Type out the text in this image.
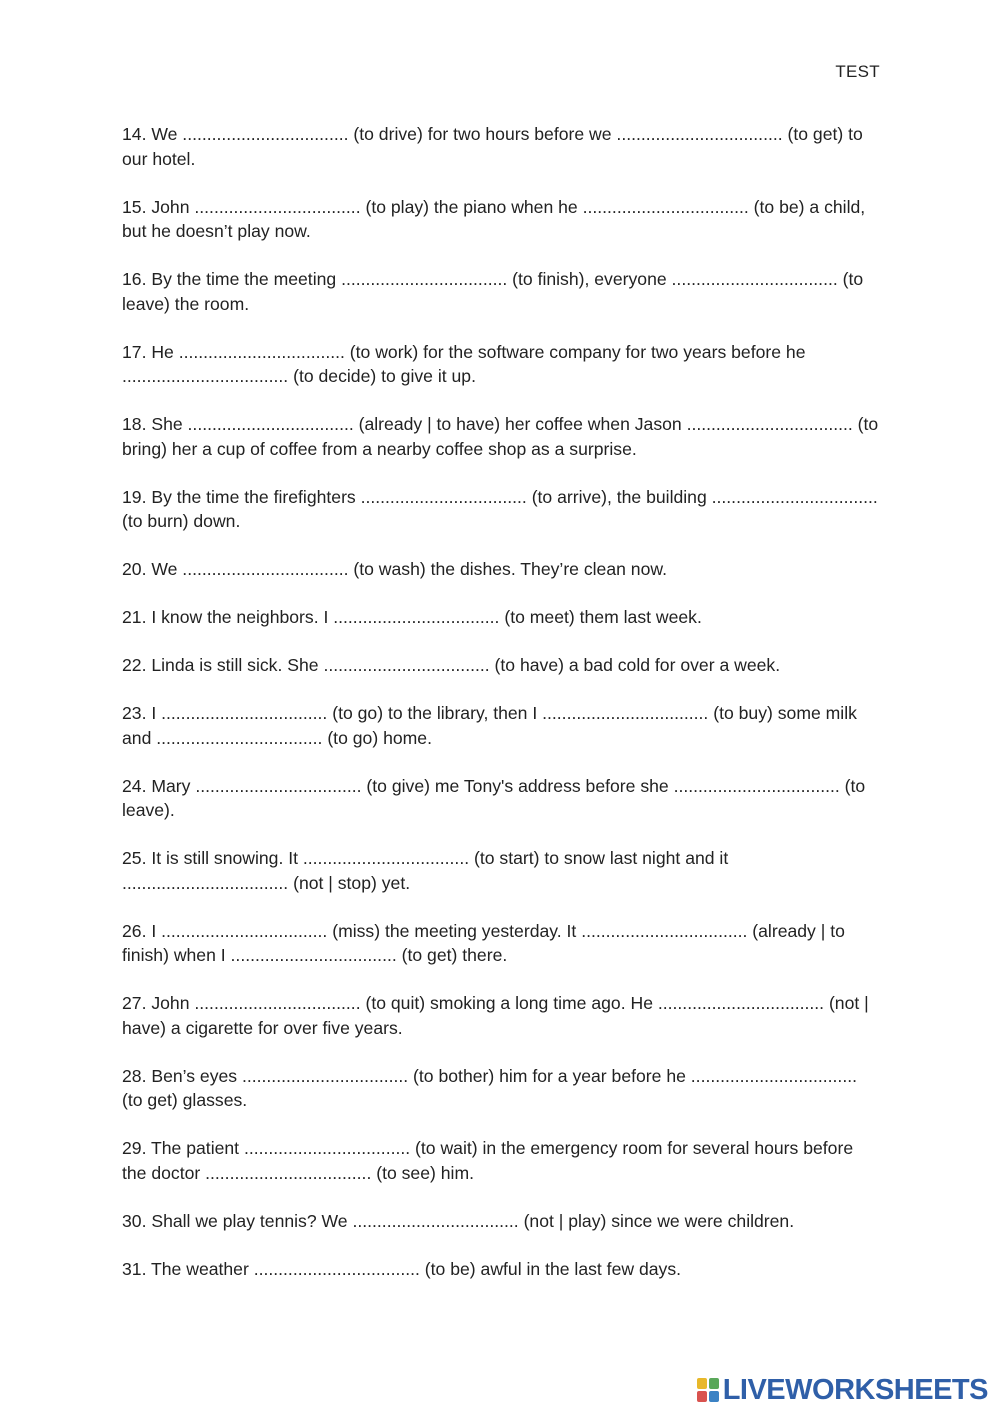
TEST

14. We .................................. (to drive) for two hours before we .................................. (to get) to our hotel.

15. John .................................. (to play) the piano when he .................................. (to be) a child, but he doesn’t play now.

16. By the time the meeting .................................. (to finish), everyone .................................. (to leave) the room.

17. He .................................. (to work) for the software company for two years before he .................................. (to decide) to give it up.

18. She .................................. (already | to have) her coffee when Jason .................................. (to bring) her a cup of coffee from a nearby coffee shop as a surprise.

19. By the time the firefighters .................................. (to arrive), the building .................................. (to burn) down.

20. We .................................. (to wash) the dishes. They’re clean now.

21. I know the neighbors. I .................................. (to meet) them last week.

22. Linda is still sick. She .................................. (to have) a bad cold for over a week.

23. I .................................. (to go) to the library, then I .................................. (to buy) some milk and .................................. (to go) home.

24. Mary .................................. (to give) me Tony's address before she .................................. (to leave).

25. It is still snowing. It .................................. (to start) to snow last night and it .................................. (not | stop) yet.

26. I .................................. (miss) the meeting yesterday. It .................................. (already | to finish) when I .................................. (to get) there.

27. John .................................. (to quit) smoking a long time ago. He .................................. (not | have) a cigarette for over five years.

28. Ben’s eyes .................................. (to bother) him for a year before he .................................. (to get) glasses.

29. The patient .................................. (to wait) in the emergency room for several hours before the doctor .................................. (to see) him.

30. Shall we play tennis? We .................................. (not | play) since we were children.

31. The weather .................................. (to be) awful in the last few days.

LIVEWORKSHEETS
